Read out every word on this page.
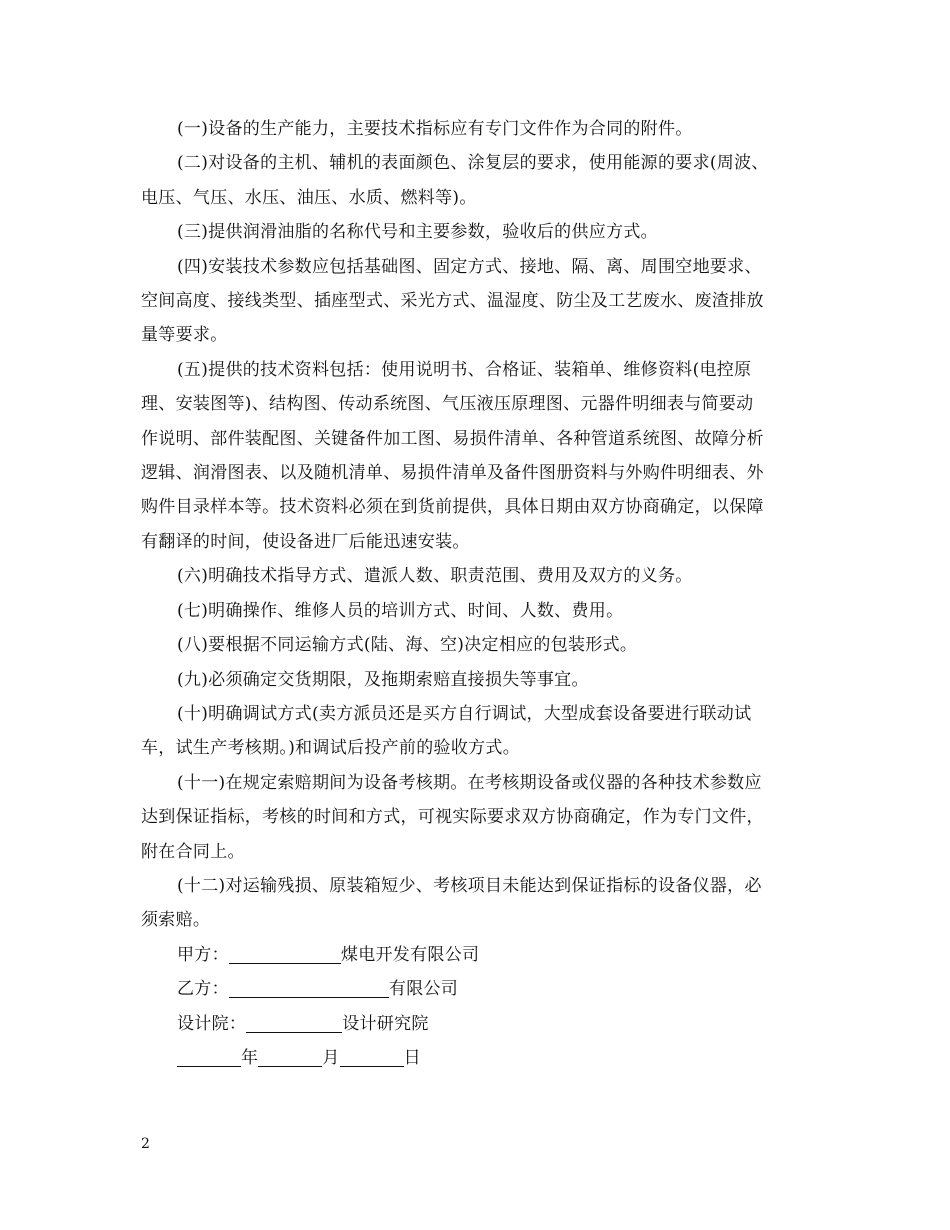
(一)设备的生产能力，主要技术指标应有专门文件作为合同的附件。

(二)对设备的主机、辅机的表面颜色、涂复层的要求，使用能源的要求(周波、
电压、气压、水压、油压、水质、燃料等)。

(三)提供润滑油脂的名称代号和主要参数，验收后的供应方式。

(四)安装技术参数应包括基础图、固定方式、接地、隔、离、周围空地要求、
空间高度、接线类型、插座型式、采光方式、温湿度、防尘及工艺废水、废渣排放
量等要求。

(五)提供的技术资料包括：使用说明书、合格证、装箱单、维修资料(电控原
理、安装图等)、结构图、传动系统图、气压液压原理图、元器件明细表与简要动
作说明、部件装配图、关键备件加工图、易损件清单、各种管道系统图、故障分析
逻辑、润滑图表、以及随机清单、易损件清单及备件图册资料与外购件明细表、外
购件目录样本等。技术资料必须在到货前提供，具体日期由双方协商确定，以保障
有翻译的时间，使设备进厂后能迅速安装。

(六)明确技术指导方式、遣派人数、职责范围、费用及双方的义务。

(七)明确操作、维修人员的培训方式、时间、人数、费用。

(八)要根据不同运输方式(陆、海、空)决定相应的包装形式。

(九)必须确定交货期限，及拖期索赔直接损失等事宜。

(十)明确调试方式(卖方派员还是买方自行调试，大型成套设备要进行联动试
车，试生产考核期。)和调试后投产前的验收方式。

(十一)在规定索赔期间为设备考核期。在考核期设备或仪器的各种技术参数应
达到保证指标，考核的时间和方式，可视实际要求双方协商确定，作为专门文件，
附在合同上。

(十二)对运输残损、原装箱短少、考核项目未能达到保证指标的设备仪器，必
须索赔。

甲方：	煤电开发有限公司

乙方：	有限公司

设计院：	设计研究院

年	月	日

2
